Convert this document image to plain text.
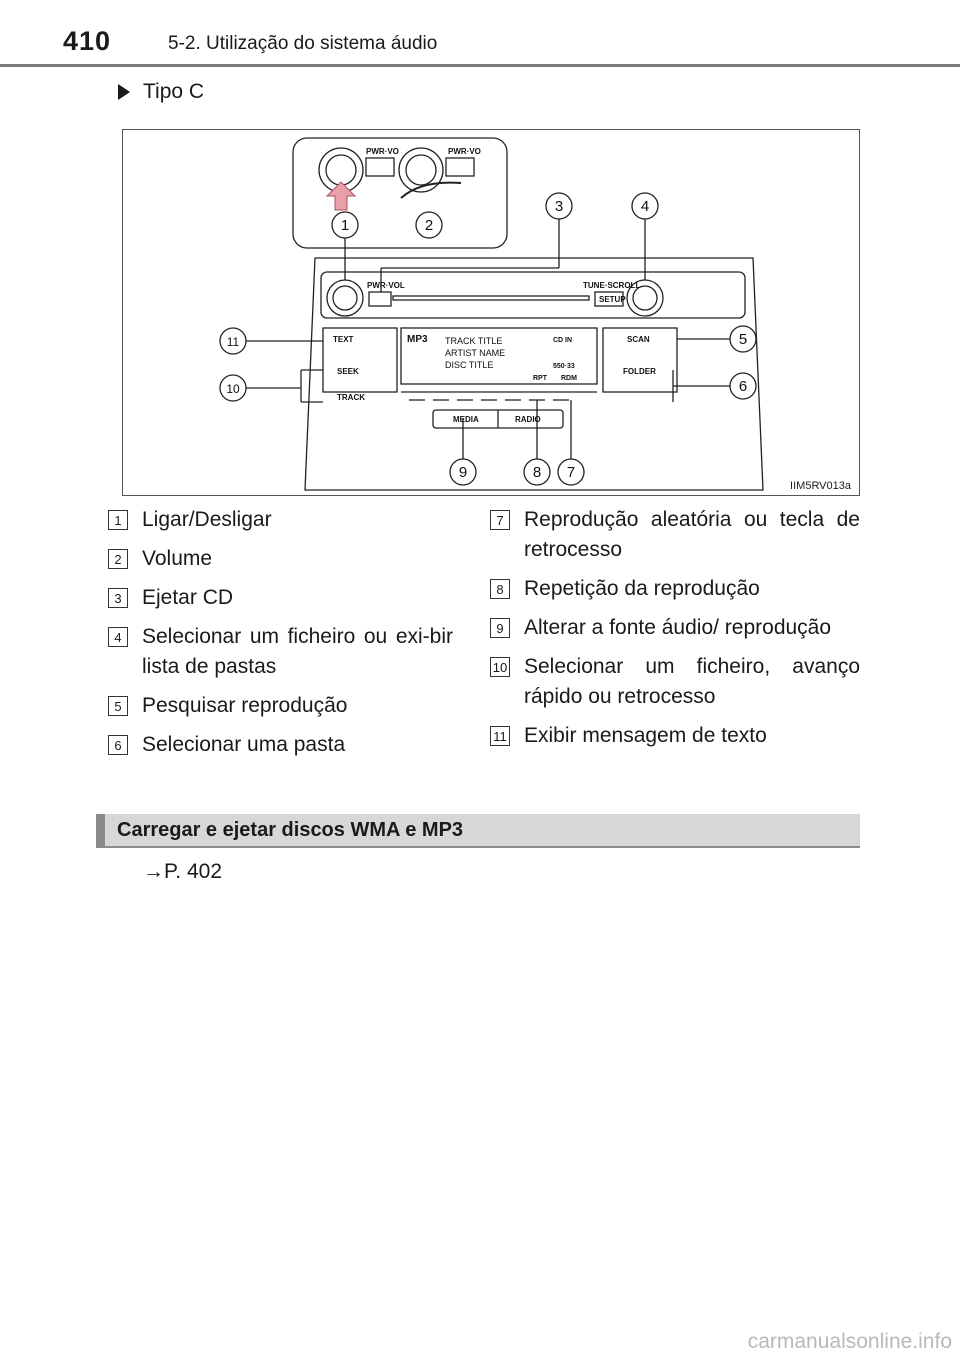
410	5-2. Utilização do sistema áudio
Tipo C
PWR·VO	PWR·VO
PWR·VOL	TUNE·SCROLL
SETUP
TEXT	SCAN
SEEK	FOLDER
TRACK
MEDIA	RADIO
MP3	CD IN
550·33
RPT RDM
TRACK TITLE
ARTIST NAME
DISC TITLE
1	2
3	4
5
6
7
8
9
10
11
IIM5RV013a
1 Ligar/Desligar
2 Volume
3 Ejetar CD
4 Selecionar um ficheiro ou exi-bir lista de pastas
5 Pesquisar reprodução
6 Selecionar uma pasta
7 Reprodução aleatória ou tecla de retrocesso
8 Repetição da reprodução
9 Alterar a fonte áudio/ reprodução
10 Selecionar um ficheiro, avanço rápido ou retrocesso
11 Exibir mensagem de texto
Carregar e ejetar discos WMA e MP3
→P. 402
carmanualsonline.info
